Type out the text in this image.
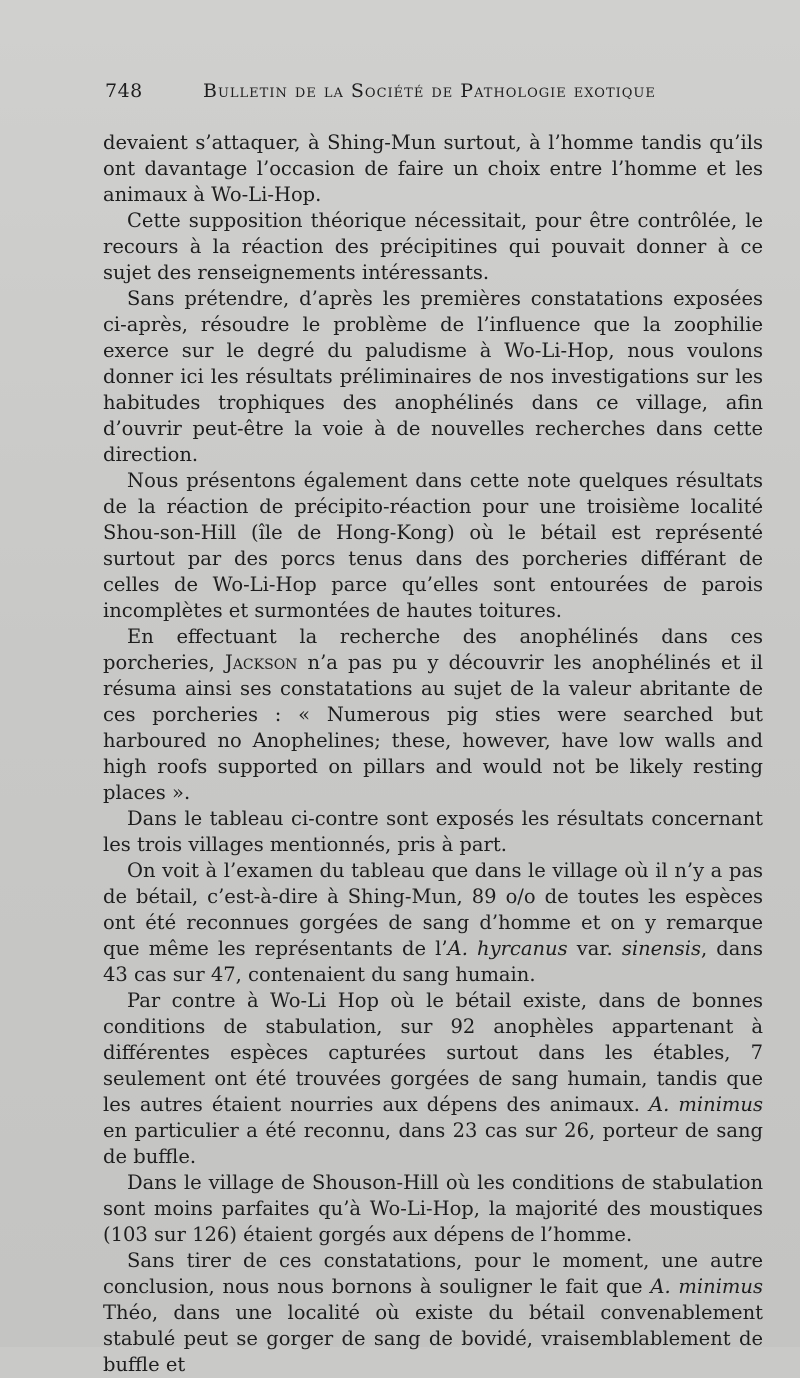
748	Bulletin de la Société de Pathologie exotique

devaient s’attaquer, à Shing-Mun surtout, à l’homme tandis qu’ils ont davantage l’occasion de faire un choix entre l’homme et les animaux à Wo-Li-Hop.

Cette supposition théorique nécessitait, pour être contrôlée, le recours à la réaction des précipitines qui pouvait donner à ce sujet des renseignements intéressants.

Sans prétendre, d’après les premières constatations exposées ci-après, résoudre le problème de l’influence que la zoophilie exerce sur le degré du paludisme à Wo-Li-Hop, nous voulons donner ici les résultats préliminaires de nos investigations sur les habitudes trophiques des anophélinés dans ce village, afin d’ouvrir peut-être la voie à de nouvelles recherches dans cette direction.

Nous présentons également dans cette note quelques résultats de la réaction de précipito-réaction pour une troisième localité Shou-son-Hill (île de Hong-Kong) où le bétail est représenté surtout par des porcs tenus dans des porcheries différant de celles de Wo-Li-Hop parce qu’elles sont entourées de parois incomplètes et surmontées de hautes toitures.

En effectuant la recherche des anophélinés dans ces porcheries, Jackson n’a pas pu y découvrir les anophélinés et il résuma ainsi ses constatations au sujet de la valeur abritante de ces porcheries : « Numerous pig sties were searched but harboured no Anophelines; these, however, have low walls and high roofs supported on pillars and would not be likely resting places ».

Dans le tableau ci-contre sont exposés les résultats concernant les trois villages mentionnés, pris à part.

On voit à l’examen du tableau que dans le village où il n’y a pas de bétail, c’est-à-dire à Shing-Mun, 89 o/o de toutes les espèces ont été reconnues gorgées de sang d’homme et on y remarque que même les représentants de l’A. hyrcanus var. sinensis, dans 43 cas sur 47, contenaient du sang humain.

Par contre à Wo-Li Hop où le bétail existe, dans de bonnes conditions de stabulation, sur 92 anophèles appartenant à différentes espèces capturées surtout dans les étables, 7 seulement ont été trouvées gorgées de sang humain, tandis que les autres étaient nourries aux dépens des animaux. A. minimus en particulier a été reconnu, dans 23 cas sur 26, porteur de sang de buffle.

Dans le village de Shouson-Hill où les conditions de stabulation sont moins parfaites qu’à Wo-Li-Hop, la majorité des moustiques (103 sur 126) étaient gorgés aux dépens de l’homme.

Sans tirer de ces constatations, pour le moment, une autre conclusion, nous nous bornons à souligner le fait que A. minimus Théo, dans une localité où existe du bétail convenablement stabulé peut se gorger de sang de bovidé, vraisemblablement de buffle et
